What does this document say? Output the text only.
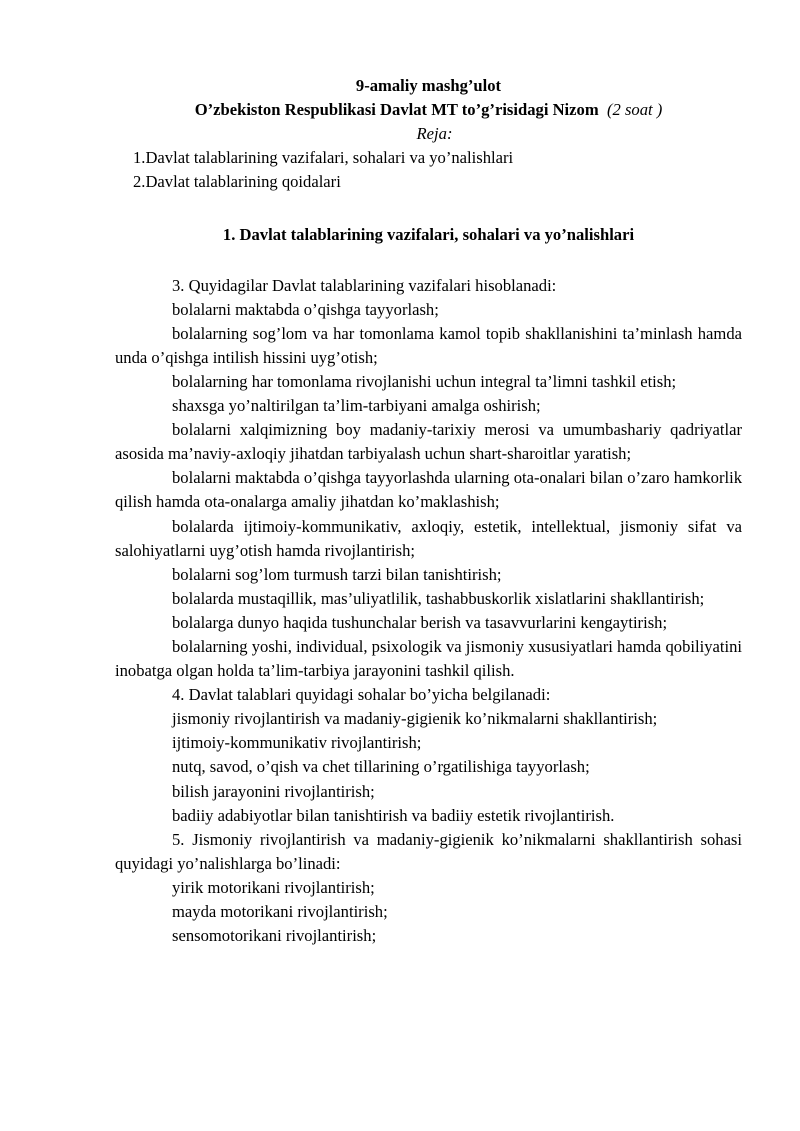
9-amaliy mashg’ulot

O’zbekiston Respublikasi Davlat MT to’g’risidagi Nizom (2 soat )

Reja:

1.Davlat talablarining vazifalari, sohalari va yo’nalishlari

2.Davlat talablarining qoidalari

1. Davlat talablarining vazifalari, sohalari va yo’nalishlari

3. Quyidagilar Davlat talablarining vazifalari hisoblanadi:

bolalarni maktabda o’qishga tayyorlash;

bolalarning sog’lom va har tomonlama kamol topib shakllanishini ta’minlash hamda unda o’qishga intilish hissini uyg’otish;

bolalarning har tomonlama rivojlanishi uchun integral ta’limni tashkil etish;

shaxsga yo’naltirilgan ta’lim-tarbiyani amalga oshirish;

bolalarni xalqimizning boy madaniy-tarixiy merosi va umumbashariy qadriyatlar asosida ma’naviy-axloqiy jihatdan tarbiyalash uchun shart-sharoitlar yaratish;

bolalarni maktabda o’qishga tayyorlashda ularning ota-onalari bilan o’zaro hamkorlik qilish hamda ota-onalarga amaliy jihatdan ko’maklashish;

bolalarda ijtimoiy-kommunikativ, axloqiy, estetik, intellektual, jismoniy sifat va salohiyatlarni uyg’otish hamda rivojlantirish;

bolalarni sog’lom turmush tarzi bilan tanishtirish;

bolalarda mustaqillik, mas’uliyatlilik, tashabbuskorlik xislatlarini shakllantirish;

bolalarga dunyo haqida tushunchalar berish va tasavvurlarini kengaytirish;

bolalarning yoshi, individual, psixologik va jismoniy xususiyatlari hamda qobiliyatini inobatga olgan holda ta’lim-tarbiya jarayonini tashkil qilish.

4. Davlat talablari quyidagi sohalar bo’yicha belgilanadi:

jismoniy rivojlantirish va madaniy-gigienik ko’nikmalarni shakllantirish;

ijtimoiy-kommunikativ rivojlantirish;

nutq, savod, o’qish va chet tillarining o’rgatilishiga tayyorlash;

bilish jarayonini rivojlantirish;

badiiy adabiyotlar bilan tanishtirish va badiiy estetik rivojlantirish.

5. Jismoniy rivojlantirish va madaniy-gigienik ko’nikmalarni shakllantirish sohasi quyidagi yo’nalishlarga bo’linadi:

yirik motorikani rivojlantirish;

mayda motorikani rivojlantirish;

sensomotorikani rivojlantirish;
